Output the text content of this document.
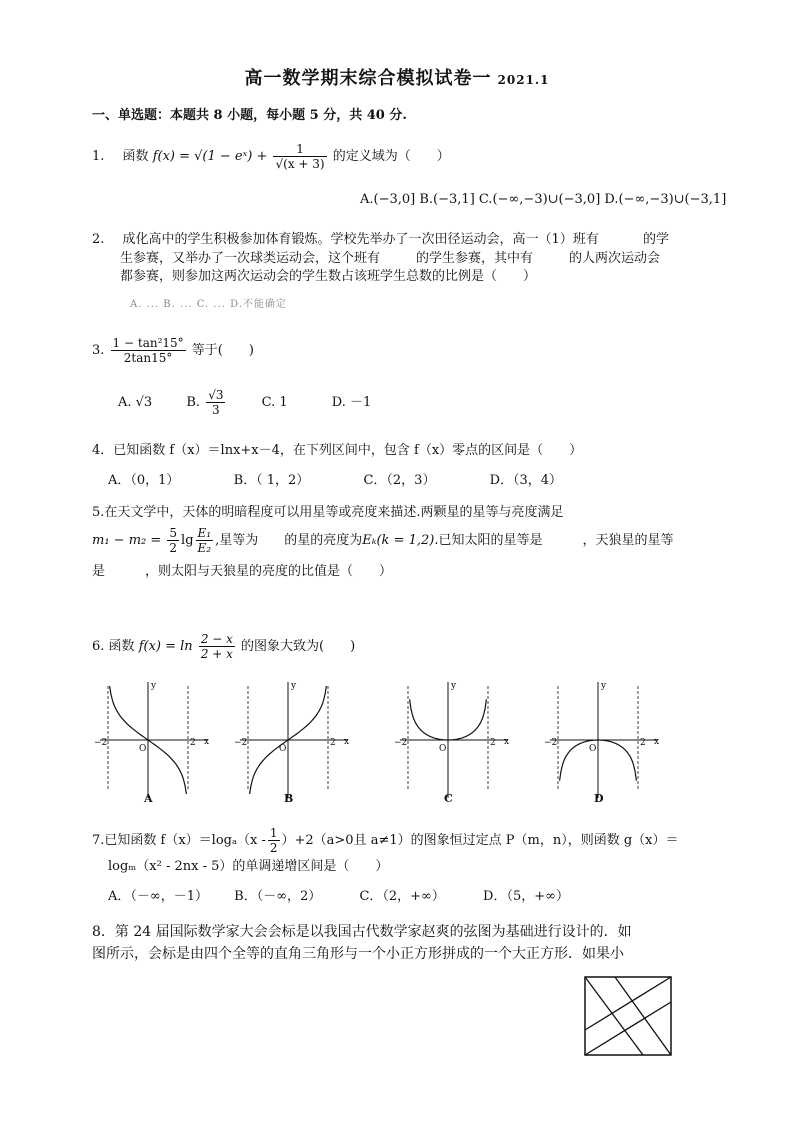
高一数学期末综合模拟试卷一 2021.1
一、单选题：本题共 8 小题，每小题 5 分，共 40 分.
1. 函数 f(x) = √(1 − eˣ) + $\frac{1}{√(x + 3)}$ 的定义域为（　　）
A.(−3,0] B.(−3,1] C.(−∞,−3)∪(−3,0] D.(−∞,−3)∪(−3,1]
2. 成化高中的学生积极参加体育锻炼。学校先举办了一次田径运动会，高一（1）班有	的学
生参赛，又举办了一次球类运动会，这个班有	的学生参赛，其中有	的人两次运动会
都参赛，则参加这两次运动会的学生数占该班学生总数的比例是（　　）
A. ... B. ... C. ... D.不能确定
3. $\frac{\text{1 − tan²15°}}{2\tan 15^\circ}$ 等于(　　)
A. √3	B. $\frac{√3}{3}$	C. 1	D. －1
4．已知函数 f（x）＝lnx+x－4，在下列区间中，包含 f（x）零点的区间是（　　）
A．（0，1）	B．（ 1，2）	C．（2，3）	D．（3，4）
5.在天文学中，天体的明暗程度可以用星等或亮度来描述.两颗星的星等与亮度满足
$m_1 - m_2 = \frac{5}{2}$ $\lg \frac{\text{E₁}}{\text{E₂}}$ ,星等为　　的星的亮度为Eₖ(k = 1,2).已知太阳的星等是	，天狼星的星等
是	，则太阳与天狼星的亮度的比值是（　　）
6. 函数 $f(x) = \ln \frac{2 - x}{2 + x}$ 的图象大致为(　　)
−2	2
O
y
x
A
−2	2
O
y
x
B
−2	2
O
y
x
C
−2	2
O
y
x
D
7.已知函数 $f(x)=\log_a(x - \frac{1}{2} )+2(a>0$且 a≠1）的图象恒过定点 P（m，n），则函数 g（x）＝
logₘ（x² - 2nx - 5）的单调递增区间是（　　）
A．（－∞，－1） B．（－∞，2）	C．（2，+∞）	D．（5，+∞）
8．第 24 届国际数学家大会会标是以我国古代数学家赵爽的弦图为基础进行设计的．如
图所示，会标是由四个全等的直角三角形与一个小正方形拼成的一个大正方形．如果小
